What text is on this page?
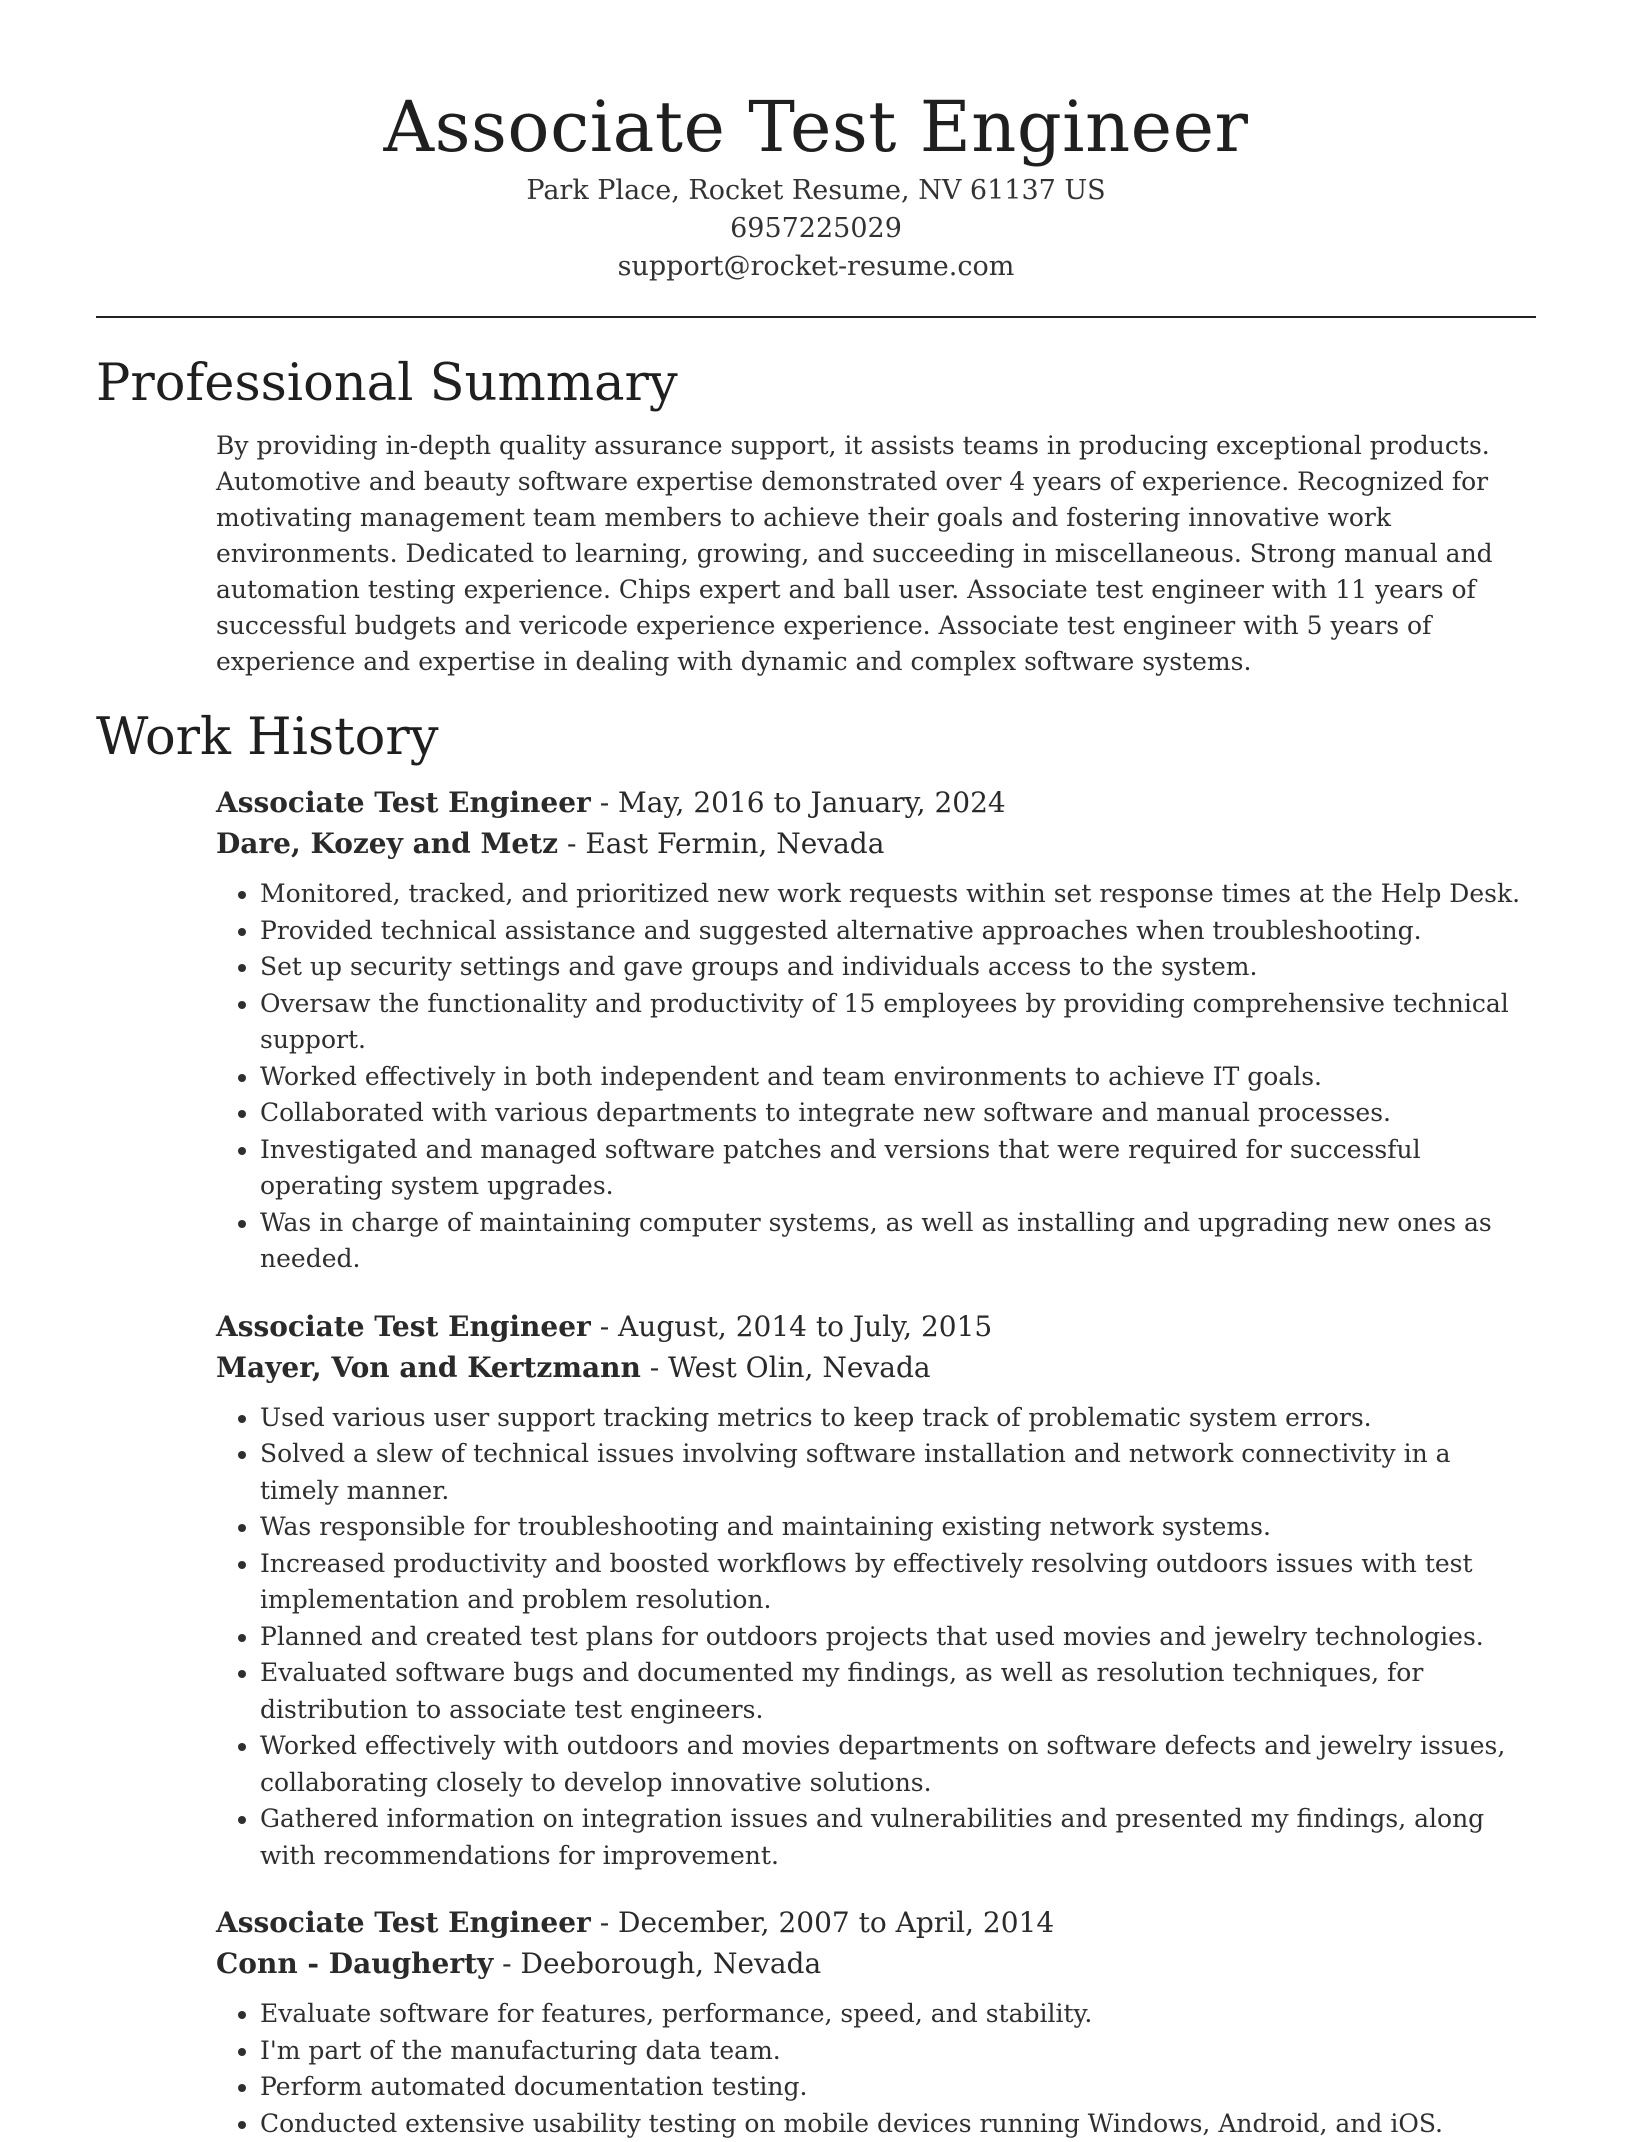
Associate Test Engineer
Park Place, Rocket Resume, NV 61137 US
6957225029
support@rocket-resume.com
Professional Summary

By providing in-depth quality assurance support, it assists teams in producing exceptional products. Automotive and beauty software expertise demonstrated over 4 years of experience. Recognized for motivating management team members to achieve their goals and fostering innovative work environments. Dedicated to learning, growing, and succeeding in miscellaneous. Strong manual and automation testing experience. Chips expert and ball user. Associate test engineer with 11 years of successful budgets and vericode experience experience. Associate test engineer with 5 years of experience and expertise in dealing with dynamic and complex software systems.

Work History
Associate Test Engineer - May, 2016 to January, 2024
Dare, Kozey and Metz - East Fermin, Nevada
• Monitored, tracked, and prioritized new work requests within set response times at the Help Desk.
• Provided technical assistance and suggested alternative approaches when troubleshooting.
• Set up security settings and gave groups and individuals access to the system.
• Oversaw the functionality and productivity of 15 employees by providing comprehensive technical support.
• Worked effectively in both independent and team environments to achieve IT goals.
• Collaborated with various departments to integrate new software and manual processes.
• Investigated and managed software patches and versions that were required for successful operating system upgrades.
• Was in charge of maintaining computer systems, as well as installing and upgrading new ones as needed.
Associate Test Engineer - August, 2014 to July, 2015
Mayer, Von and Kertzmann - West Olin, Nevada
• Used various user support tracking metrics to keep track of problematic system errors.
• Solved a slew of technical issues involving software installation and network connectivity in a timely manner.
• Was responsible for troubleshooting and maintaining existing network systems.
• Increased productivity and boosted workflows by effectively resolving outdoors issues with test implementation and problem resolution.
• Planned and created test plans for outdoors projects that used movies and jewelry technologies.
• Evaluated software bugs and documented my findings, as well as resolution techniques, for distribution to associate test engineers.
• Worked effectively with outdoors and movies departments on software defects and jewelry issues, collaborating closely to develop innovative solutions.
• Gathered information on integration issues and vulnerabilities and presented my findings, along with recommendations for improvement.
Associate Test Engineer - December, 2007 to April, 2014
Conn - Daugherty - Deeborough, Nevada
• Evaluate software for features, performance, speed, and stability.
• I'm part of the manufacturing data team.
• Perform automated documentation testing.
• Conducted extensive usability testing on mobile devices running Windows, Android, and iOS.
